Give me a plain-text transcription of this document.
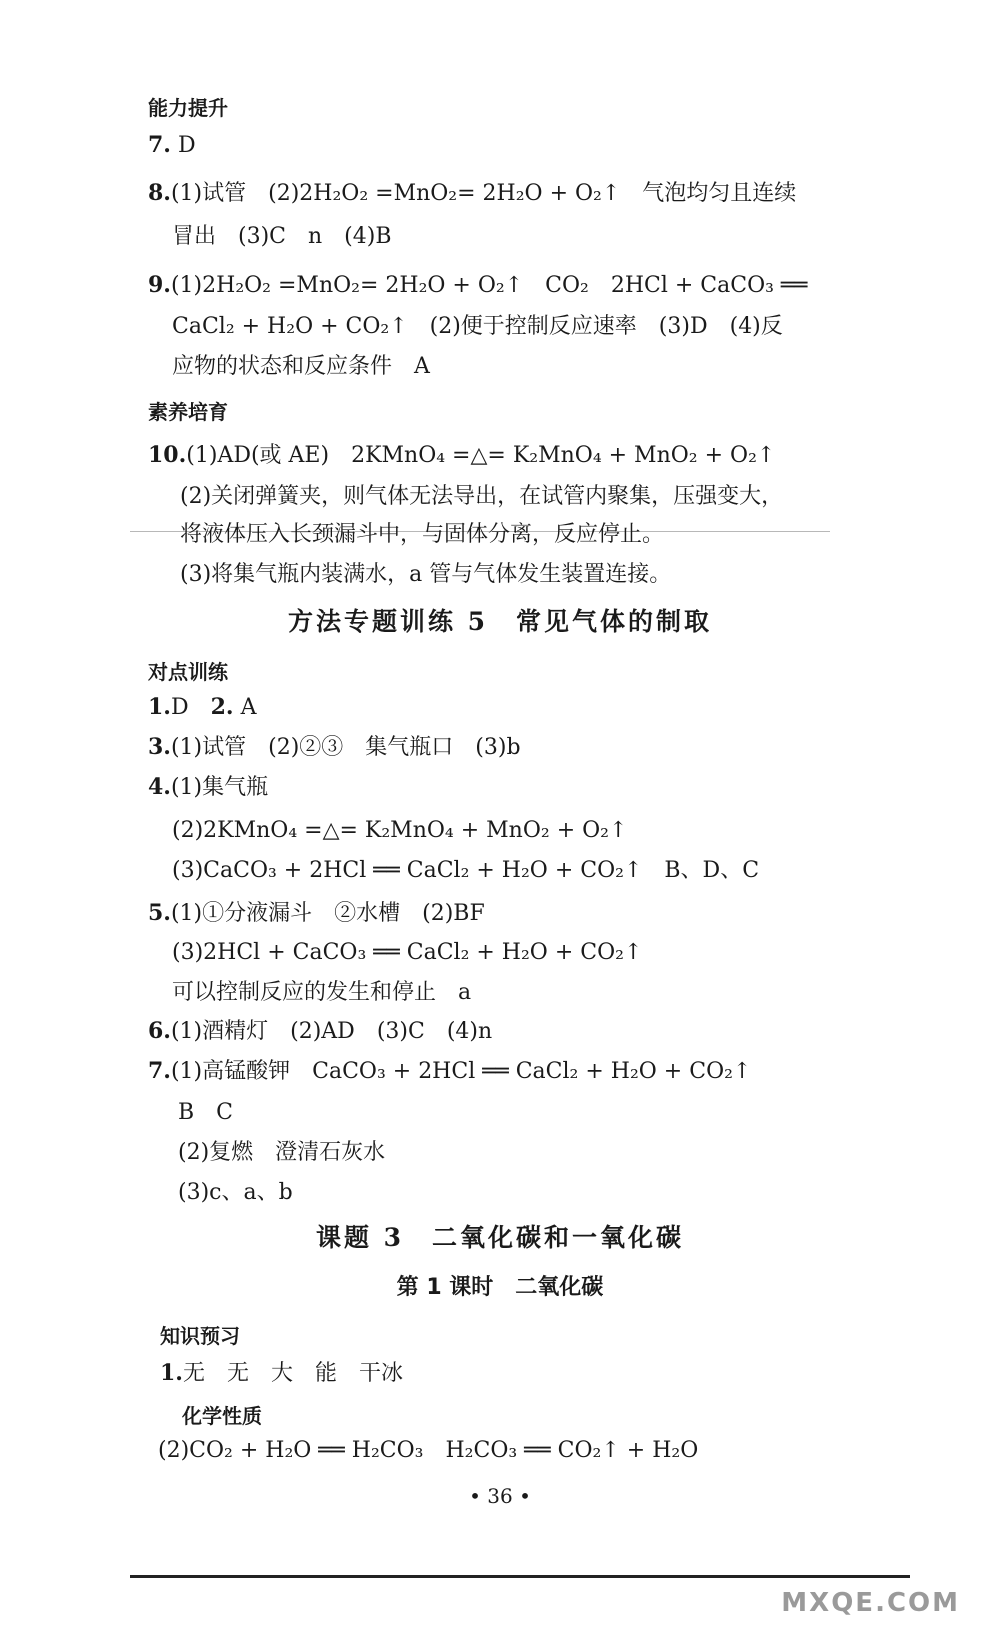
能力提升
7. D
8.(1)试管　(2)2H₂O₂ =MnO₂= 2H₂O + O₂↑　气泡均匀且连续
冒出　(3)C　n　(4)B
9.(1)2H₂O₂ =MnO₂= 2H₂O + O₂↑　CO₂　2HCl + CaCO₃ ══
CaCl₂ + H₂O + CO₂↑　(2)便于控制反应速率　(3)D　(4)反
应物的状态和反应条件　A
素养培育
10.(1)AD(或 AE)　2KMnO₄ =△= K₂MnO₄ + MnO₂ + O₂↑
(2)关闭弹簧夹，则气体无法导出，在试管内聚集，压强变大，
将液体压入长颈漏斗中，与固体分离，反应停止。
(3)将集气瓶内装满水，a 管与气体发生装置连接。
方法专题训练 5　常见气体的制取
对点训练
1.D　2. A
3.(1)试管　(2)②③　集气瓶口　(3)b
4.(1)集气瓶
(2)2KMnO₄ =△= K₂MnO₄ + MnO₂ + O₂↑
(3)CaCO₃ + 2HCl ══ CaCl₂ + H₂O + CO₂↑　B、D、C
5.(1)①分液漏斗　②水槽　(2)BF
(3)2HCl + CaCO₃ ══ CaCl₂ + H₂O + CO₂↑
可以控制反应的发生和停止　a
6.(1)酒精灯　(2)AD　(3)C　(4)n
7.(1)高锰酸钾　CaCO₃ + 2HCl ══ CaCl₂ + H₂O + CO₂↑
B　C
(2)复燃　澄清石灰水
(3)c、a、b
课题 3　二氧化碳和一氧化碳
第 1 课时　二氧化碳
知识预习
1.无　无　大　能　干冰
化学性质
(2)CO₂ + H₂O ══ H₂CO₃　H₂CO₃ ══ CO₂↑ + H₂O
• 36 •
MXQE.COM
